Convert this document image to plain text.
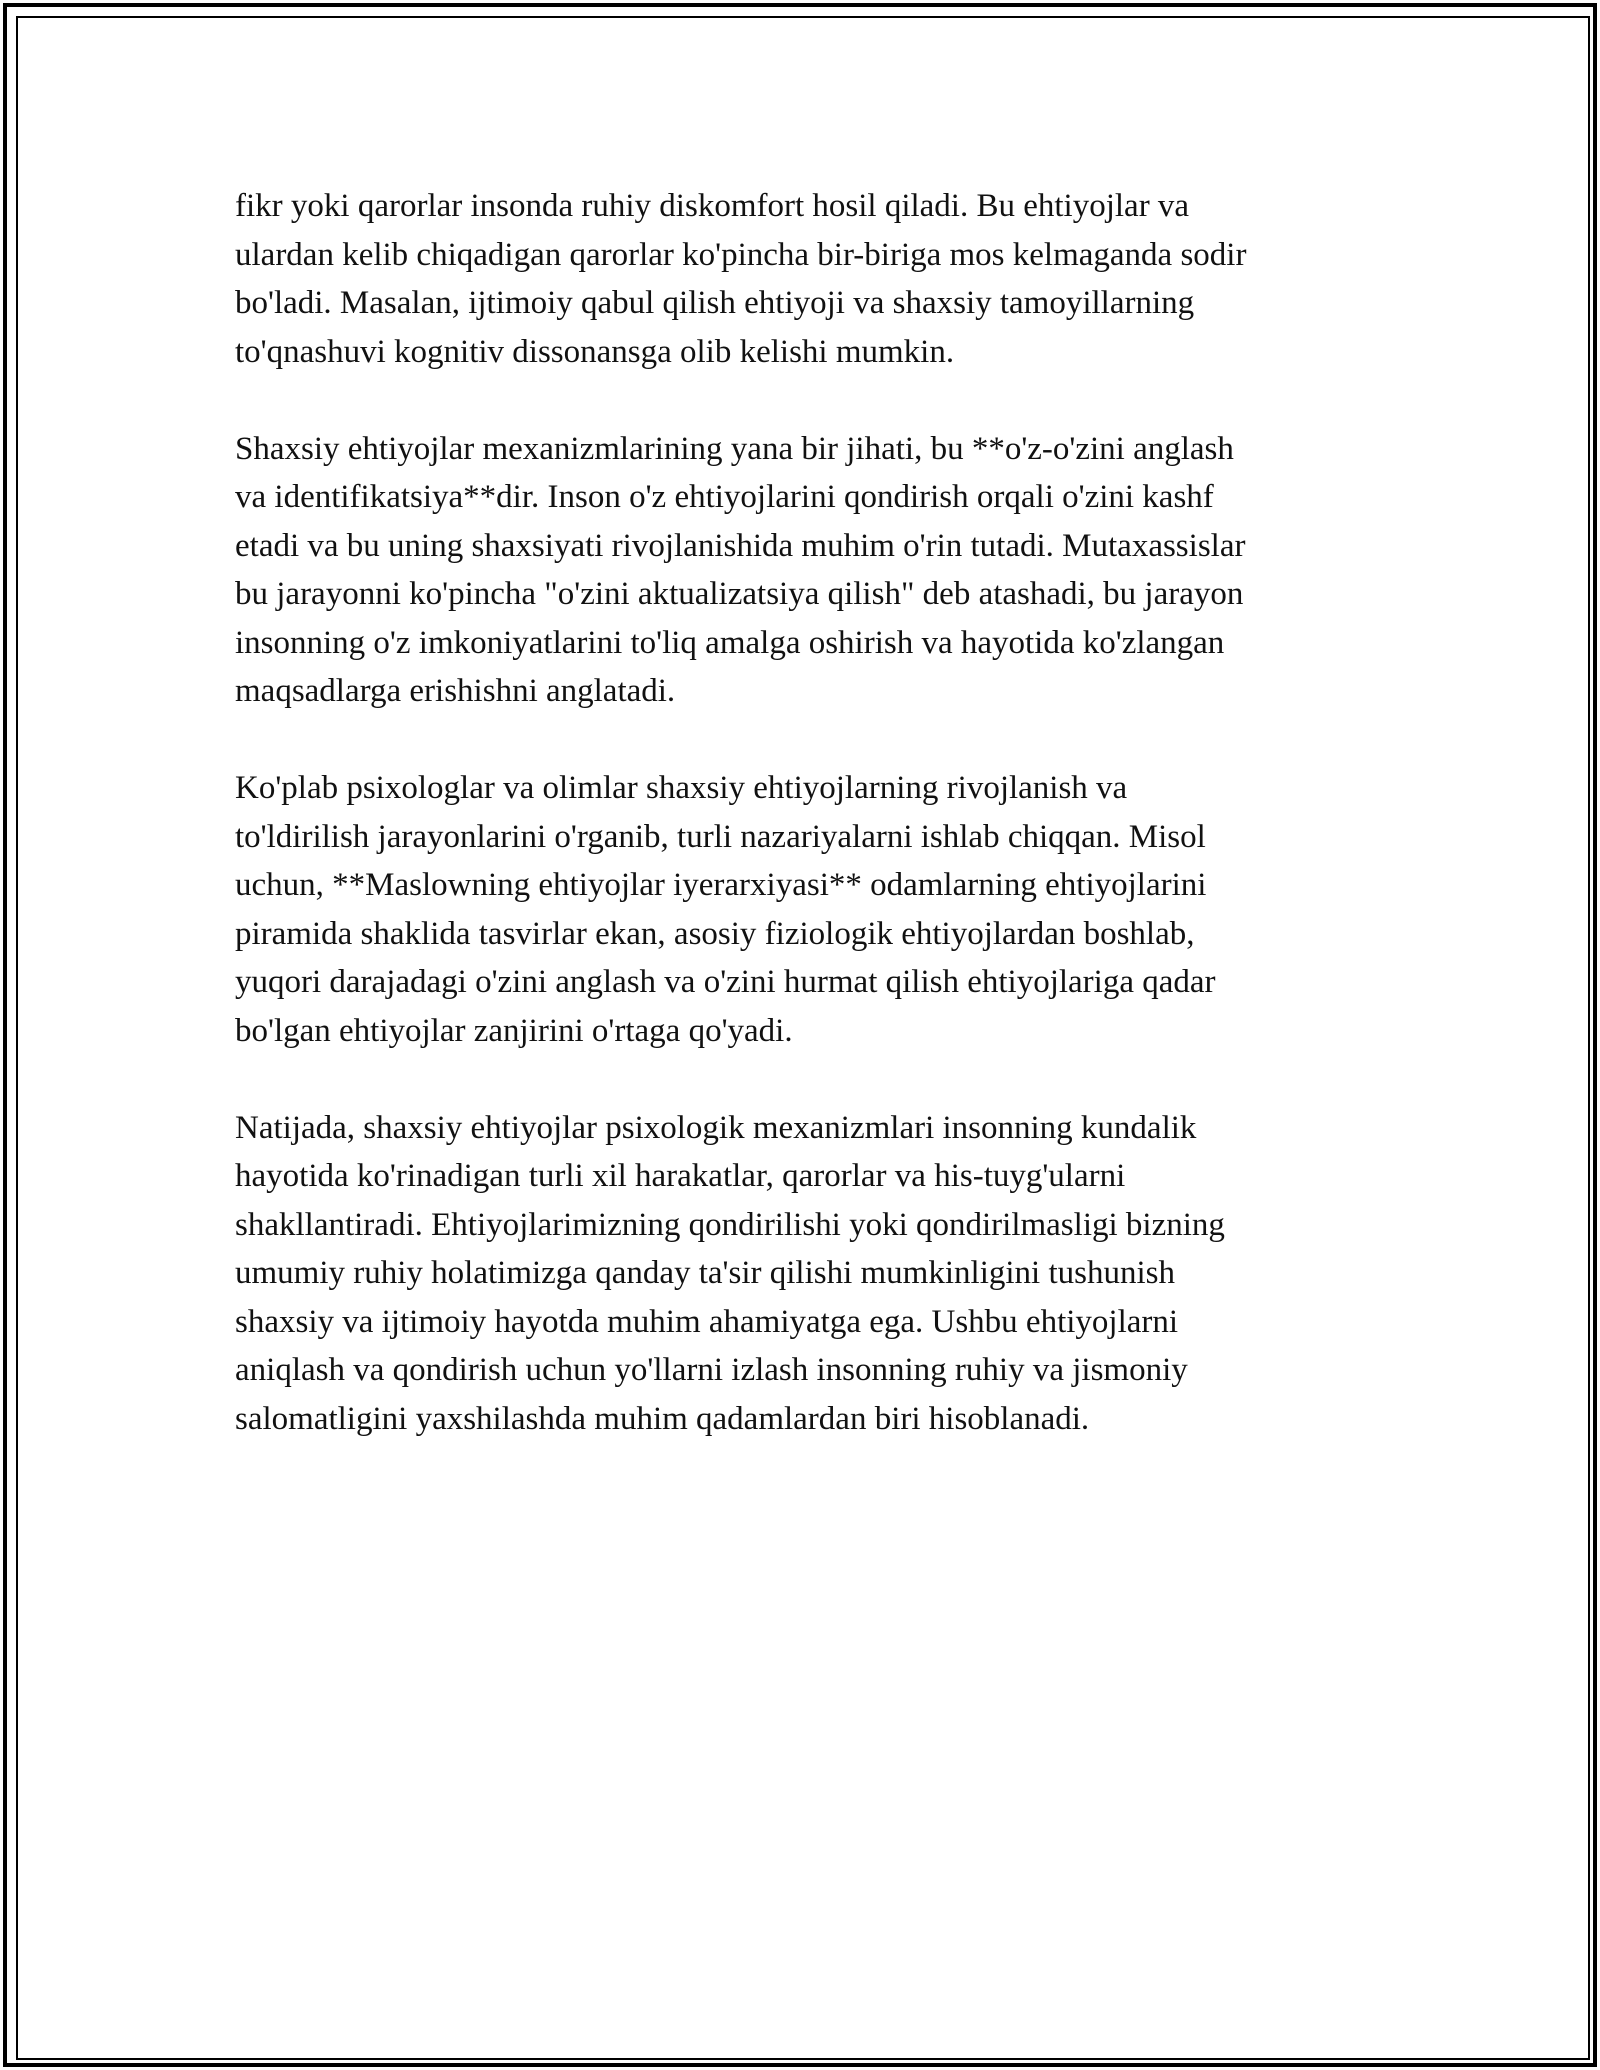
fikr yoki qarorlar insonda ruhiy diskomfort hosil qiladi. Bu ehtiyojlar va
ulardan kelib chiqadigan qarorlar ko'pincha bir-biriga mos kelmaganda sodir
bo'ladi. Masalan, ijtimoiy qabul qilish ehtiyoji va shaxsiy tamoyillarning
to'qnashuvi kognitiv dissonansga olib kelishi mumkin.

Shaxsiy ehtiyojlar mexanizmlarining yana bir jihati, bu **o'z-o'zini anglash
va identifikatsiya**dir. Inson o'z ehtiyojlarini qondirish orqali o'zini kashf
etadi va bu uning shaxsiyati rivojlanishida muhim o'rin tutadi. Mutaxassislar
bu jarayonni ko'pincha "o'zini aktualizatsiya qilish" deb atashadi, bu jarayon
insonning o'z imkoniyatlarini to'liq amalga oshirish va hayotida ko'zlangan
maqsadlarga erishishni anglatadi.

Ko'plab psixologlar va olimlar shaxsiy ehtiyojlarning rivojlanish va
to'ldirilish jarayonlarini o'rganib, turli nazariyalarni ishlab chiqqan. Misol
uchun, **Maslowning ehtiyojlar iyerarxiyasi** odamlarning ehtiyojlarini
piramida shaklida tasvirlar ekan, asosiy fiziologik ehtiyojlardan boshlab,
yuqori darajadagi o'zini anglash va o'zini hurmat qilish ehtiyojlariga qadar
bo'lgan ehtiyojlar zanjirini o'rtaga qo'yadi.

Natijada, shaxsiy ehtiyojlar psixologik mexanizmlari insonning kundalik
hayotida ko'rinadigan turli xil harakatlar, qarorlar va his-tuyg'ularni
shakllantiradi. Ehtiyojlarimizning qondirilishi yoki qondirilmasligi bizning
umumiy ruhiy holatimizga qanday ta'sir qilishi mumkinligini tushunish
shaxsiy va ijtimoiy hayotda muhim ahamiyatga ega. Ushbu ehtiyojlarni
aniqlash va qondirish uchun yo'llarni izlash insonning ruhiy va jismoniy
salomatligini yaxshilashda muhim qadamlardan biri hisoblanadi.
